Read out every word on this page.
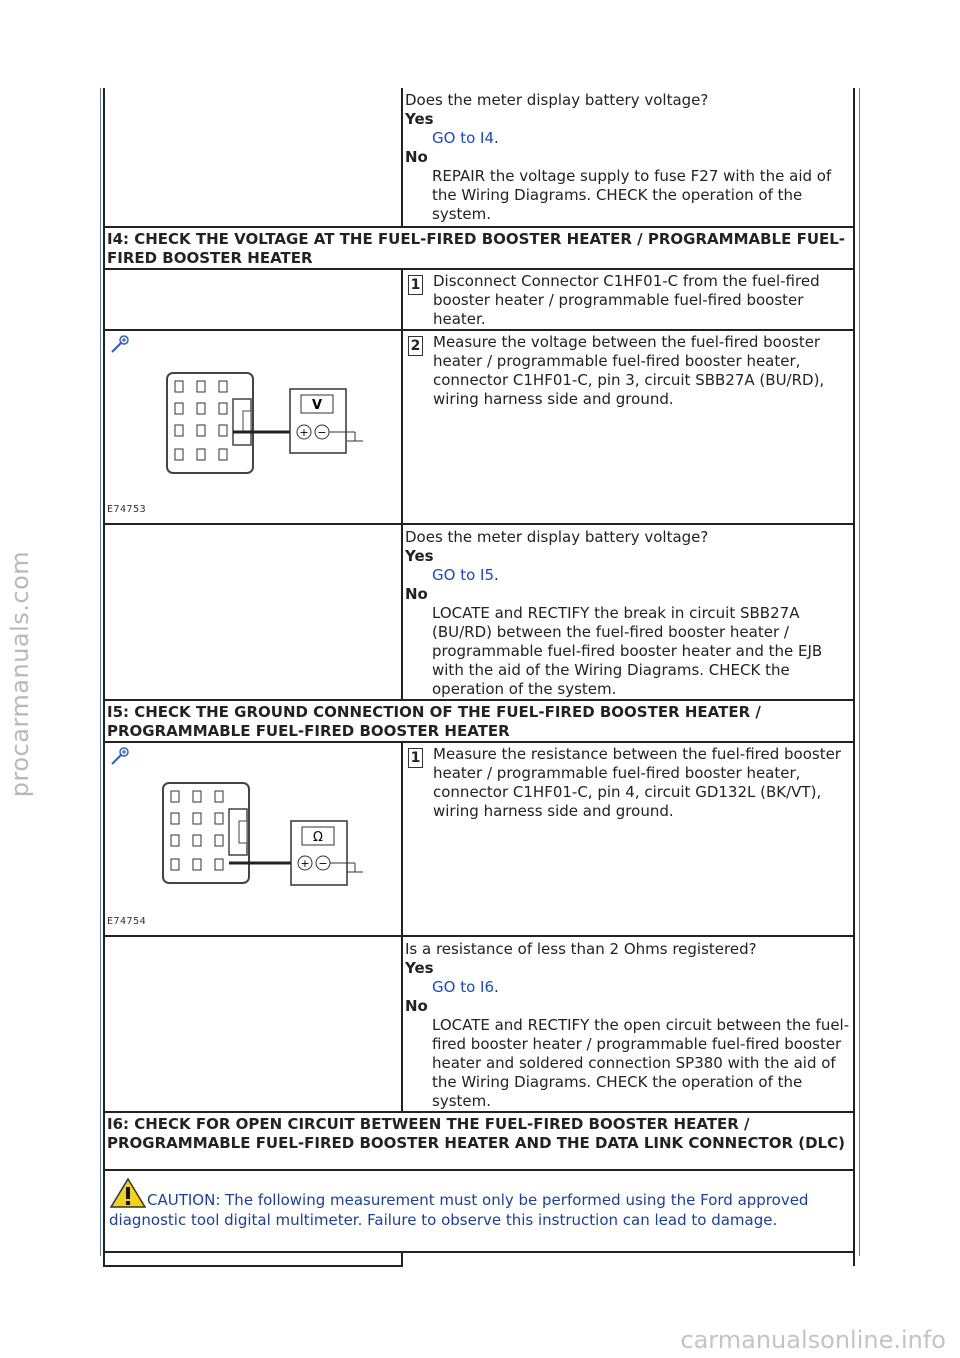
procarmanuals.com
carmanualsonline.info

	Does the meter display battery voltage?
Yes
GO to I4.
No
REPAIR the voltage supply to fuse F27 with the aid of the Wiring Diagrams. CHECK the operation of the system.

I4: CHECK THE VOLTAGE AT THE FUEL-FIRED BOOSTER HEATER / PROGRAMMABLE FUEL-FIRED BOOSTER HEATER	

	1 Disconnect Connector C1HF01-C from the fuel-fired booster heater / programmable fuel-fired booster heater.

V
+ −
E74753	2 Measure the voltage between the fuel-fired booster heater / programmable fuel-fired booster heater, connector C1HF01-C, pin 3, circuit SBB27A (BU/RD), wiring harness side and ground.

	Does the meter display battery voltage?
Yes
GO to I5.
No
LOCATE and RECTIFY the break in circuit SBB27A (BU/RD) between the fuel-fired booster heater / programmable fuel-fired booster heater and the EJB with the aid of the Wiring Diagrams. CHECK the operation of the system.

I5: CHECK THE GROUND CONNECTION OF THE FUEL-FIRED BOOSTER HEATER / PROGRAMMABLE FUEL-FIRED BOOSTER HEATER	

Ω
+ −
E74754	1 Measure the resistance between the fuel-fired booster heater / programmable fuel-fired booster heater, connector C1HF01-C, pin 4, circuit GD132L (BK/VT), wiring harness side and ground.

	Is a resistance of less than 2 Ohms registered?
Yes
GO to I6.
No
LOCATE and RECTIFY the open circuit between the fuel-fired booster heater / programmable fuel-fired booster heater and soldered connection SP380 with the aid of the Wiring Diagrams. CHECK the operation of the system.

I6: CHECK FOR OPEN CIRCUIT BETWEEN THE FUEL-FIRED BOOSTER HEATER / PROGRAMMABLE FUEL-FIRED BOOSTER HEATER AND THE DATA LINK CONNECTOR (DLC)	

CAUTION: The following measurement must only be performed using the Ford approved diagnostic tool digital multimeter. Failure to observe this instruction can lead to damage.	
